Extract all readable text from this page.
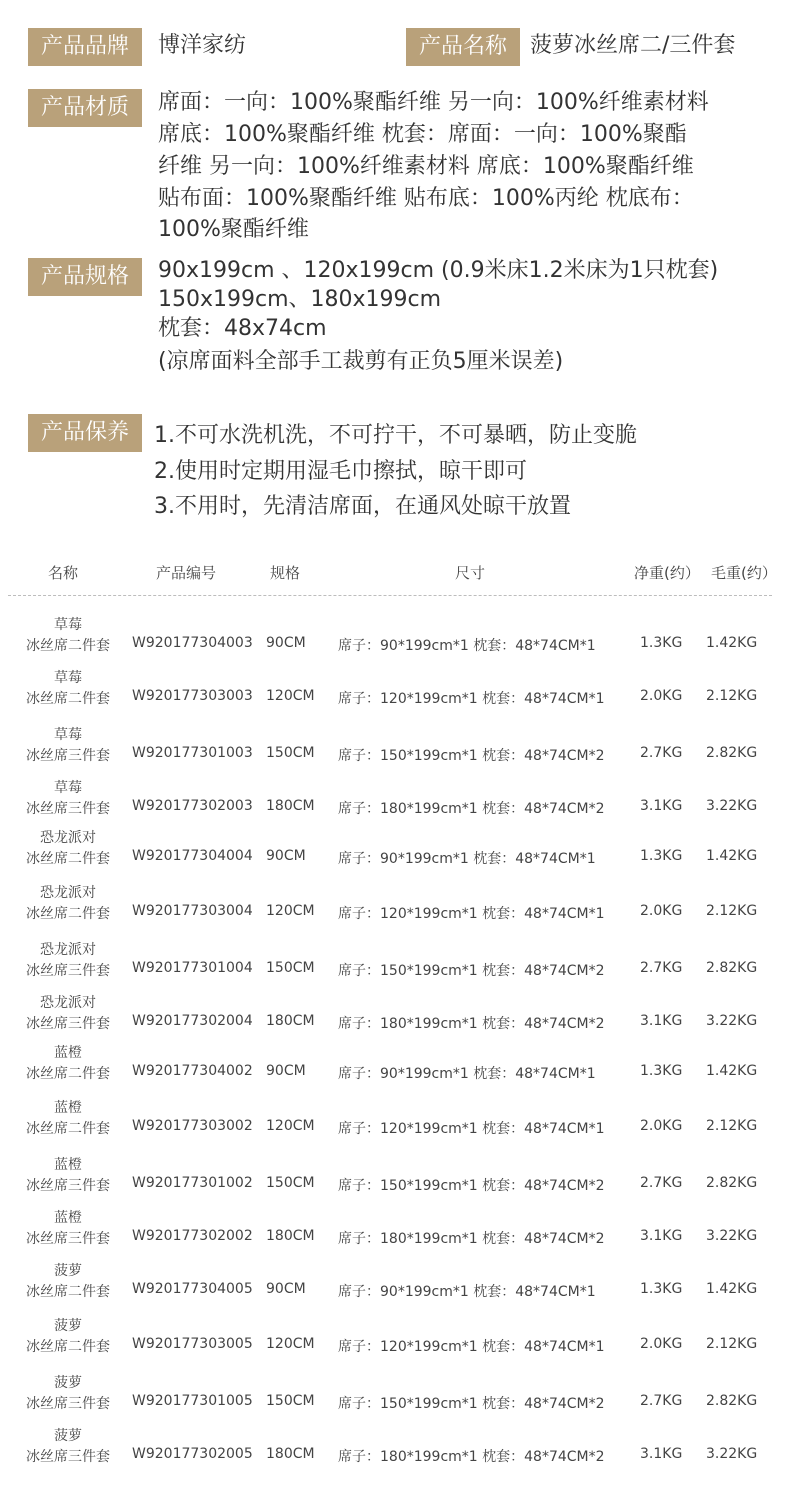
产品品牌	博洋家纺	产品名称	菠萝冰丝席二/三件套
产品材质	席面：一向：100%聚酯纤维 另一向：100%纤维素材料
席底：100%聚酯纤维 枕套：席面：一向：100%聚酯
纤维 另一向：100%纤维素材料 席底：100%聚酯纤维
贴布面：100%聚酯纤维 贴布底：100%丙纶 枕底布：
100%聚酯纤维
产品规格	90x199cm 、120x199cm (0.9米床1.2米床为1只枕套)
150x199cm、180x199cm
枕套：48x74cm
(凉席面料全部手工裁剪有正负5厘米误差)
产品保养	1.不可水洗机洗，不可拧干，不可暴晒，防止变脆
2.使用时定期用湿毛巾擦拭，晾干即可
3.不用时，先清洁席面，在通风处晾干放置
名称	产品编号	规格	尺寸	净重(约） 毛重(约）
草莓
冰丝席二件套	W920177304003 90CM 席子：90*199cm*1 枕套：48*74CM*1	1.3KG 1.42KG
草莓
冰丝席二件套	W920177303003 120CM 席子：120*199cm*1 枕套：48*74CM*1	2.0KG 2.12KG
草莓
冰丝席三件套	W920177301003 150CM 席子：150*199cm*1 枕套：48*74CM*2	2.7KG 2.82KG
草莓
冰丝席三件套	W920177302003 180CM 席子：180*199cm*1 枕套：48*74CM*2	3.1KG 3.22KG
恐龙派对
冰丝席二件套	W920177304004 90CM 席子：90*199cm*1 枕套：48*74CM*1	1.3KG 1.42KG
恐龙派对
冰丝席二件套	W920177303004 120CM 席子：120*199cm*1 枕套：48*74CM*1	2.0KG 2.12KG
恐龙派对
冰丝席三件套	W920177301004 150CM 席子：150*199cm*1 枕套：48*74CM*2	2.7KG 2.82KG
恐龙派对
冰丝席三件套	W920177302004 180CM 席子：180*199cm*1 枕套：48*74CM*2	3.1KG 3.22KG
蓝橙
冰丝席二件套	W920177304002 90CM 席子：90*199cm*1 枕套：48*74CM*1	1.3KG 1.42KG
蓝橙
冰丝席二件套	W920177303002 120CM 席子：120*199cm*1 枕套：48*74CM*1	2.0KG 2.12KG
蓝橙
冰丝席三件套	W920177301002 150CM 席子：150*199cm*1 枕套：48*74CM*2	2.7KG 2.82KG
蓝橙
冰丝席三件套	W920177302002 180CM 席子：180*199cm*1 枕套：48*74CM*2	3.1KG 3.22KG
菠萝
冰丝席二件套	W920177304005 90CM 席子：90*199cm*1 枕套：48*74CM*1	1.3KG 1.42KG
菠萝
冰丝席二件套	W920177303005 120CM 席子：120*199cm*1 枕套：48*74CM*1	2.0KG 2.12KG
菠萝
冰丝席三件套	W920177301005 150CM 席子：150*199cm*1 枕套：48*74CM*2	2.7KG 2.82KG
菠萝
冰丝席三件套	W920177302005 180CM 席子：180*199cm*1 枕套：48*74CM*2	3.1KG 3.22KG
